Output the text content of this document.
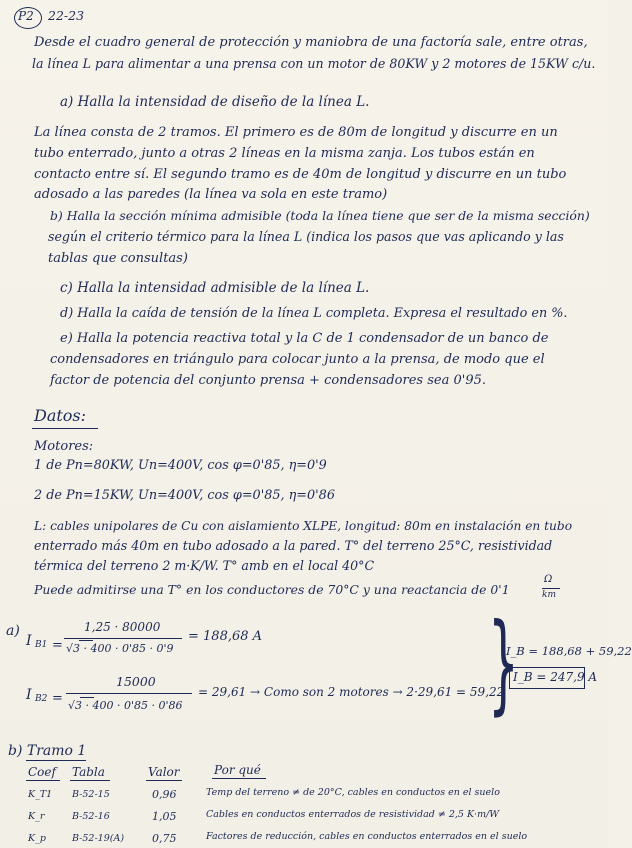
P2 22-23
Desde el cuadro general de protección y maniobra de una factoría sale, entre otras,
la línea L para alimentar a una prensa con un motor de 80KW y 2 motores de 15KW c/u.
a) Halla la intensidad de diseño de la línea L.
La línea consta de 2 tramos. El primero es de 80m de longitud y discurre en un
tubo enterrado, junto a otras 2 líneas en la misma zanja. Los tubos están en
contacto entre sí. El segundo tramo es de 40m de longitud y discurre en un tubo
adosado a las paredes (la línea va sola en este tramo)
b) Halla la sección mínima admisible (toda la línea tiene que ser de la misma sección)
según el criterio térmico para la línea L (indica los pasos que vas aplicando y las
tablas que consultas)
c) Halla la intensidad admisible de la línea L.
d) Halla la caída de tensión de la línea L completa. Expresa el resultado en %.
e) Halla la potencia reactiva total y la C de 1 condensador de un banco de
condensadores en triángulo para colocar junto a la prensa, de modo que el
factor de potencia del conjunto prensa + condensadores sea 0'95.
Datos:
Motores:
1 de Pn=80KW, Un=400V, cos φ=0'85, η=0'9
2 de Pn=15KW, Un=400V, cos φ=0'85, η=0'86
L: cables unipolares de Cu con aislamiento XLPE, longitud: 80m en instalación en tubo
enterrado más 40m en tubo adosado a la pared. T° del terreno 25°C, resistividad
térmica del terreno 2 m·K/W. T° amb en el local 40°C
Puede admitirse una T° en los conductores de 70°C y una reactancia de 0'1
Ω
km
a)
I B1 =
1,25 · 80000
√3 · 400 · 0'85 · 0'9
= 188,68 A
I B2 =
15000
√3 · 400 · 0'85 · 0'86
= 29,61 → Como son 2 motores → 2·29,61 = 59,22
}
I_B = 188,68 + 59,22
I_B = 247,9 A
b) Tramo 1
Coef Tabla	Valor	Por qué
K_T1 B-52-15	0,96	Temp del terreno ≠ de 20°C, cables en conductos en el suelo
K_r	B-52-16	1,05	Cables en conductos enterrados de resistividad ≠ 2,5 K·m/W
K_p	B-52-19(A)	0,75	Factores de reducción, cables en conductos enterrados en el suelo
